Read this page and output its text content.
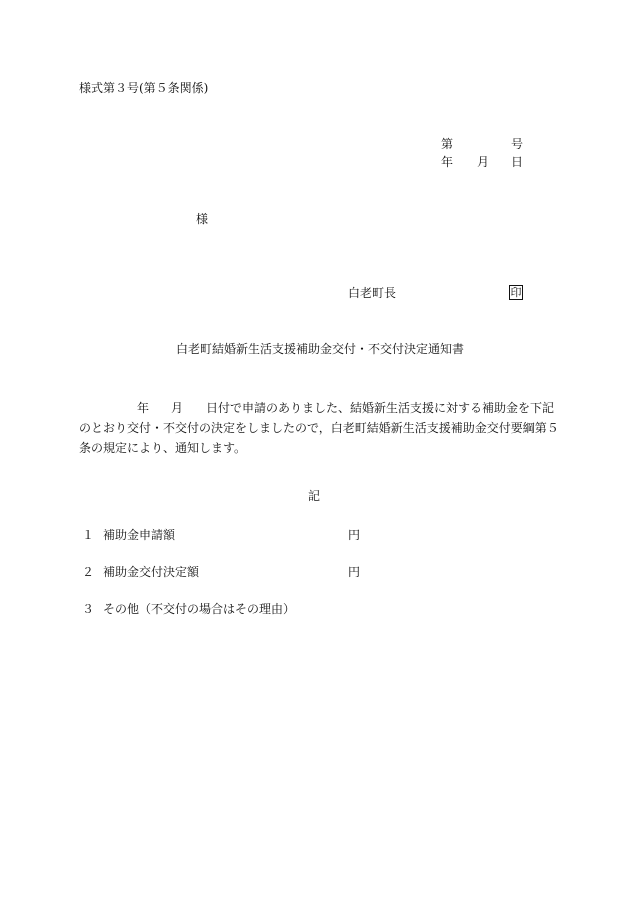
様式第３号(第５条関係)
第	号
年 月 日
様
白老町長	印
白老町結婚新生活支援補助金交付・不交付決定通知書
年 月 日付で申請のありました、結婚新生活支援に対する補助金を下記
のとおり交付・不交付の決定をしましたので，白老町結婚新生活支援補助金交付要綱第５
条の規定により、通知します。
記
１ 補助金申請額	円
２ 補助金交付決定額	円
３ その他（不交付の場合はその理由）
